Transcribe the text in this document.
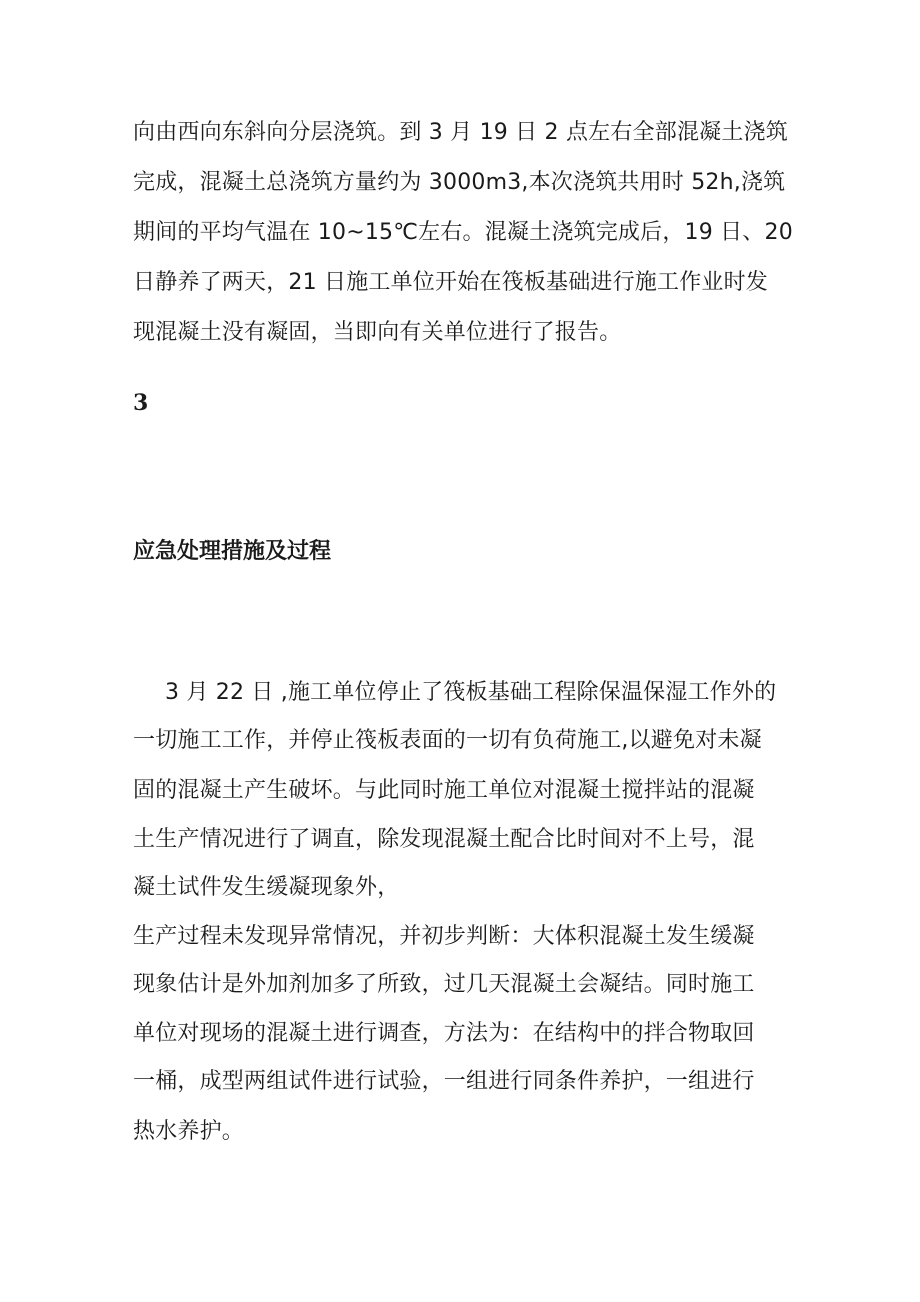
向由西向东斜向分层浇筑。到 3 月 19 日 2 点左右全部混凝土浇筑
完成，混凝土总浇筑方量约为 3000m3,本次浇筑共用时 52h,浇筑
期间的平均气温在 10~15℃左右。混凝土浇筑完成后，19 日、20
日静养了两天，21 日施工单位开始在筏板基础进行施工作业时发
现混凝土没有凝固，当即向有关单位进行了报告。
3
应急处理措施及过程
3 月 22 日 ,施工单位停止了筏板基础工程除保温保湿工作外的
一切施工工作，并停止筏板表面的一切有负荷施工,以避免对未凝
固的混凝土产生破坏。与此同时施工单位对混凝土搅拌站的混凝
土生产情况进行了调直，除发现混凝土配合比时间对不上号，混
凝土试件发生缓凝现象外，
生产过程未发现异常情况，并初步判断：大体积混凝土发生缓凝
现象估计是外加剂加多了所致，过几天混凝土会凝结。同时施工
单位对现场的混凝土进行调查，方法为：在结构中的拌合物取回
一桶，成型两组试件进行试验，一组进行同条件养护，一组进行
热水养护。
